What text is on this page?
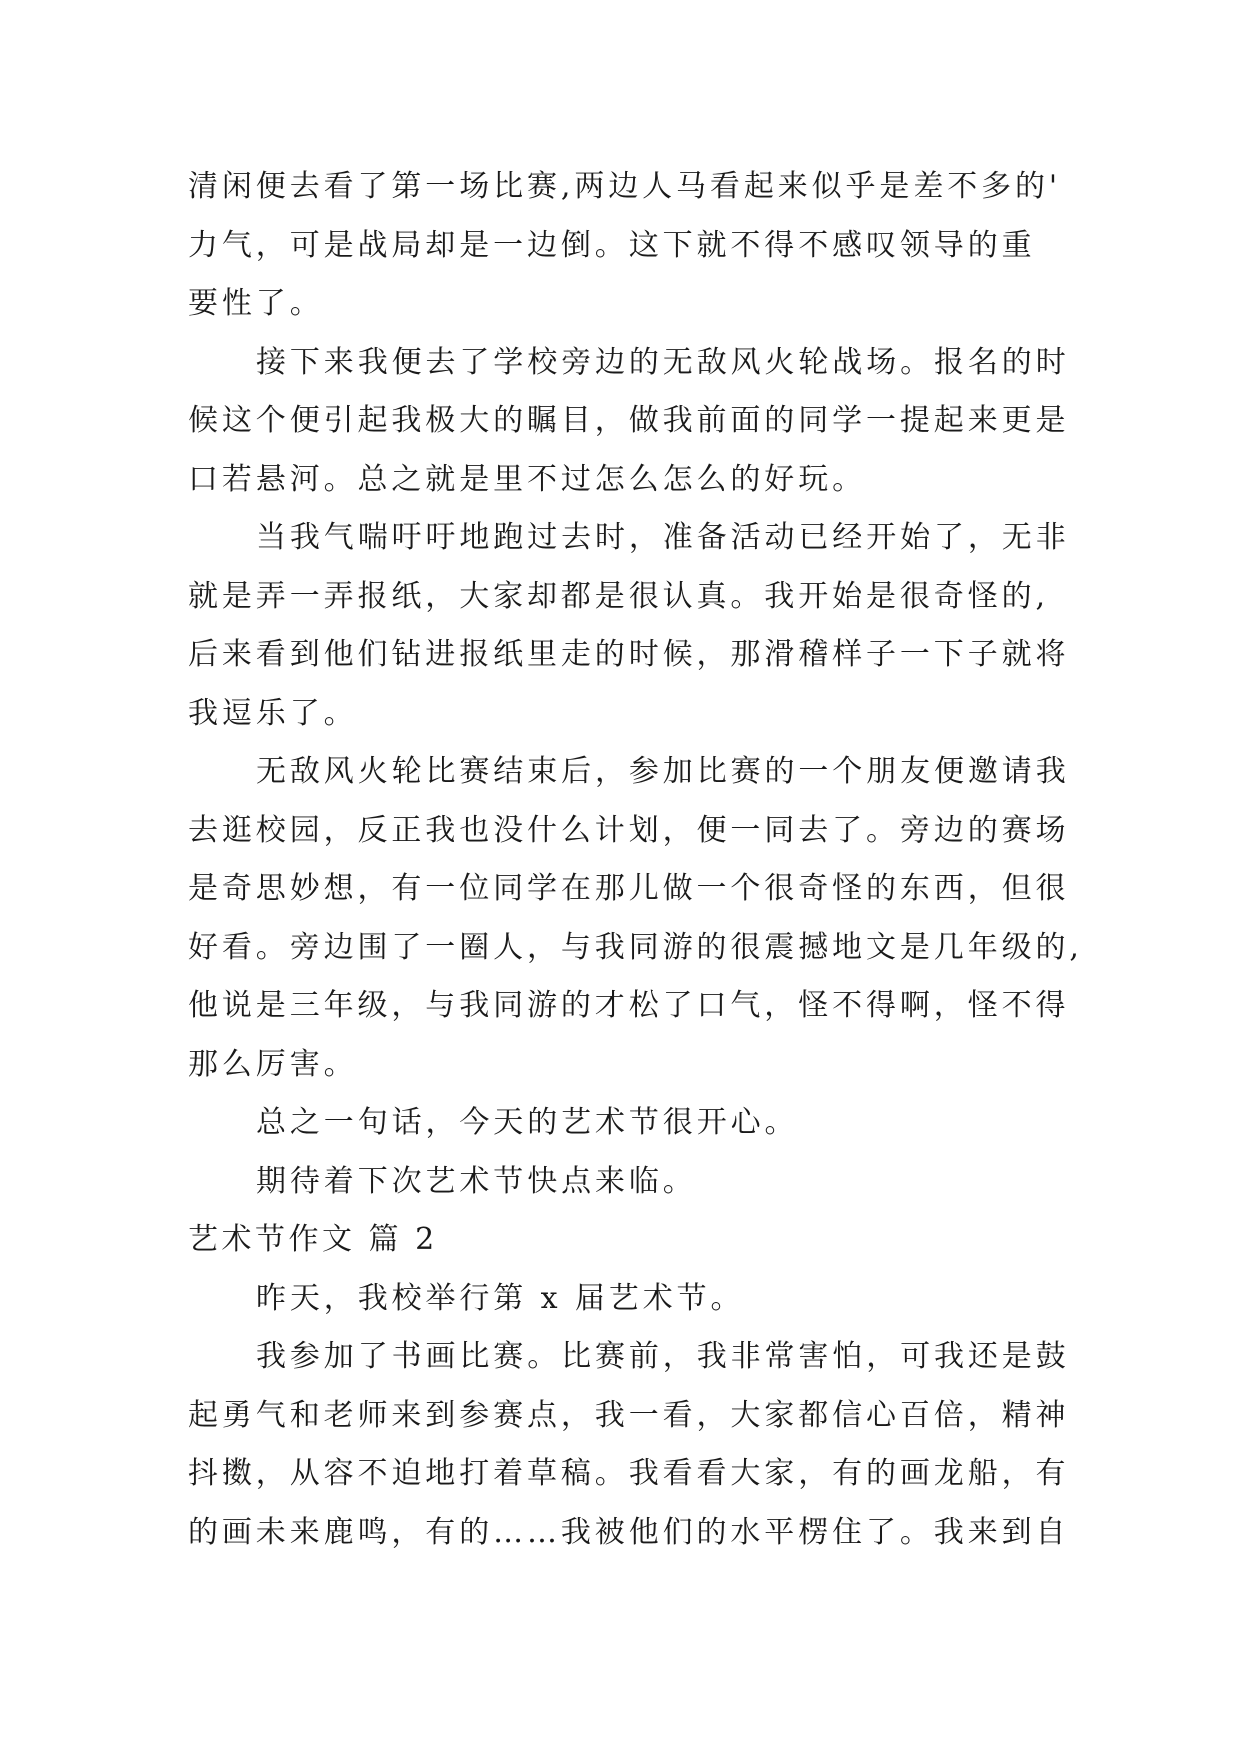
清闲便去看了第一场比赛,两边人马看起来似乎是差不多的'
力气，可是战局却是一边倒。这下就不得不感叹领导的重
要性了。
接下来我便去了学校旁边的无敌风火轮战场。报名的时
候这个便引起我极大的瞩目，做我前面的同学一提起来更是
口若悬河。总之就是里不过怎么怎么的好玩。
当我气喘吁吁地跑过去时，准备活动已经开始了，无非
就是弄一弄报纸，大家却都是很认真。我开始是很奇怪的,
后来看到他们钻进报纸里走的时候，那滑稽样子一下子就将
我逗乐了。
无敌风火轮比赛结束后，参加比赛的一个朋友便邀请我
去逛校园，反正我也没什么计划，便一同去了。旁边的赛场
是奇思妙想，有一位同学在那儿做一个很奇怪的东西，但很
好看。旁边围了一圈人，与我同游的很震撼地文是几年级的,
他说是三年级，与我同游的才松了口气，怪不得啊，怪不得
那么厉害。
总之一句话，今天的艺术节很开心。
期待着下次艺术节快点来临。
艺术节作文 篇 2
昨天，我校举行第 x 届艺术节。
我参加了书画比赛。比赛前，我非常害怕，可我还是鼓
起勇气和老师来到参赛点，我一看，大家都信心百倍，精神
抖擞，从容不迫地打着草稿。我看看大家，有的画龙船，有
的画未来鹿鸣，有的……我被他们的水平楞住了。我来到自
